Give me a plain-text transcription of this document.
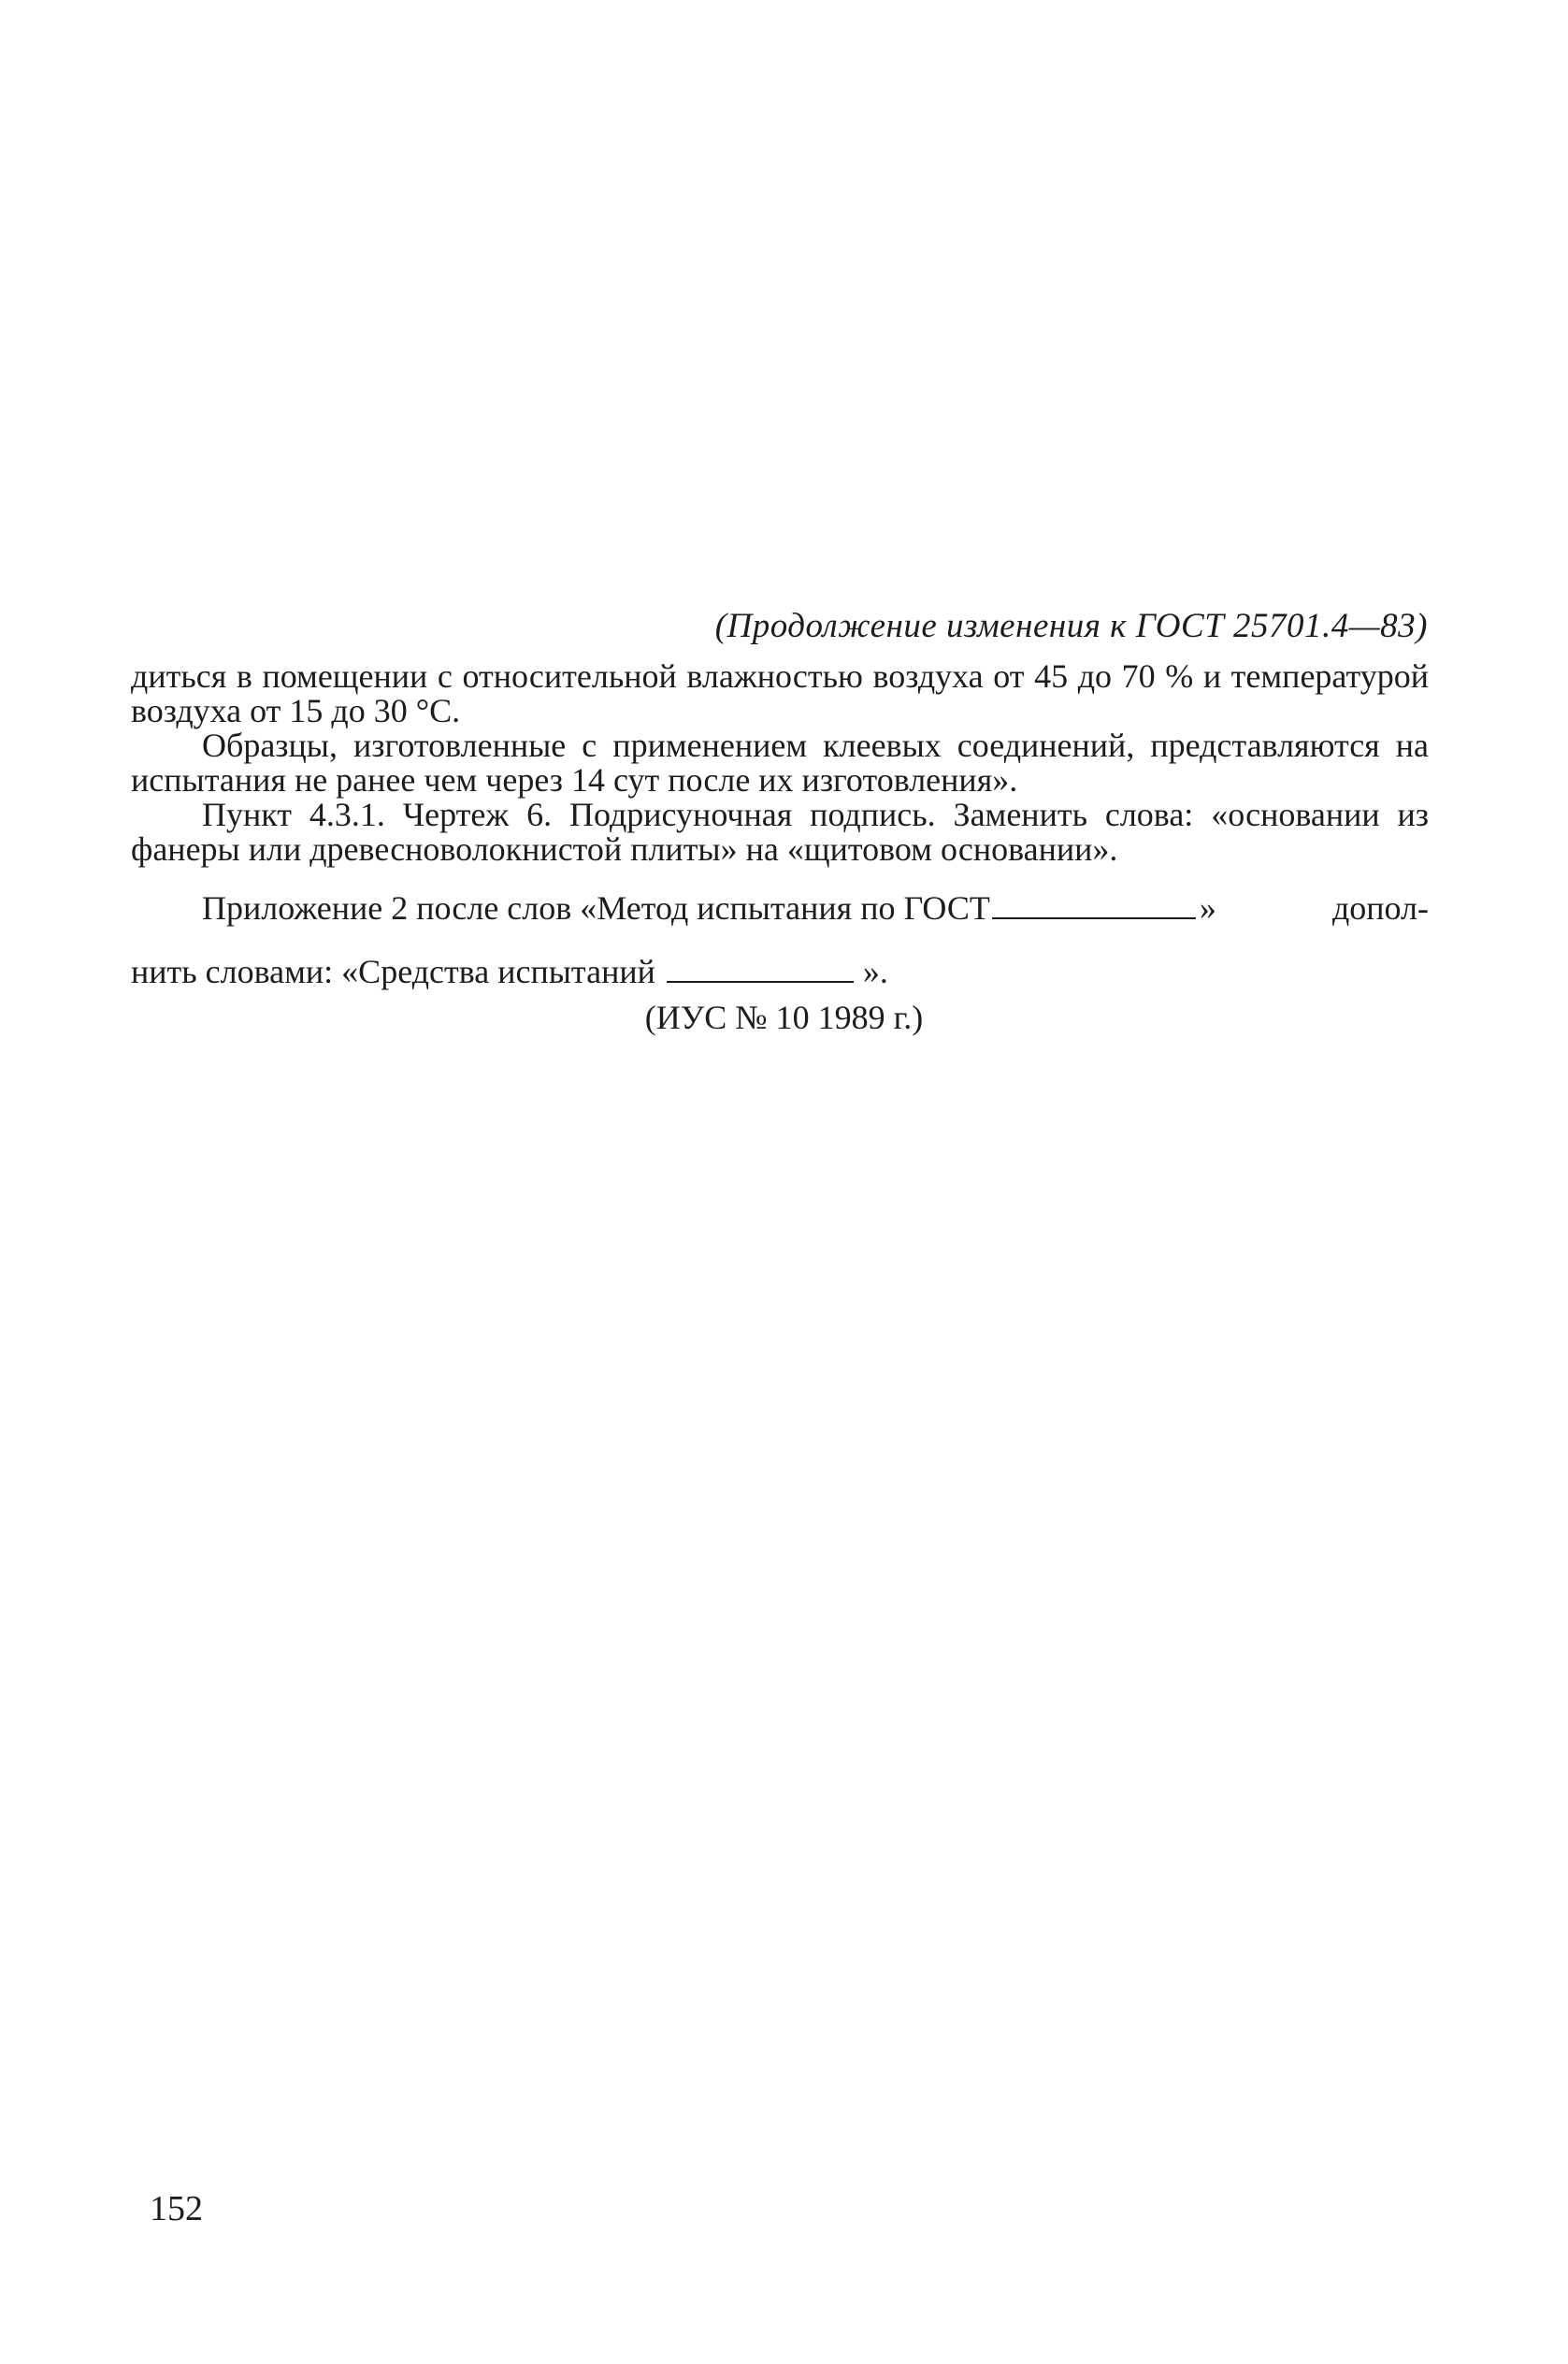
(Продолжение изменения к ГОСТ 25701.4—83)

диться в помещении с относительной влажностью воздуха от 45 до 70 % и температурой воздуха от 15 до 30 °С.

Образцы, изготовленные с применением клеевых соединений, представляются на испытания не ранее чем через 14 сут после их изготовления».

Пункт 4.3.1. Чертеж 6. Подрисуночная подпись. Заменить слова: «основании из фанеры или древесноволокнистой плиты» на «щитовом основании».

Приложение 2 после слов «Метод испытания по ГОСТ	»	допол-
нить словами: «Средства испытаний	».
(ИУС № 10 1989 г.)
152
